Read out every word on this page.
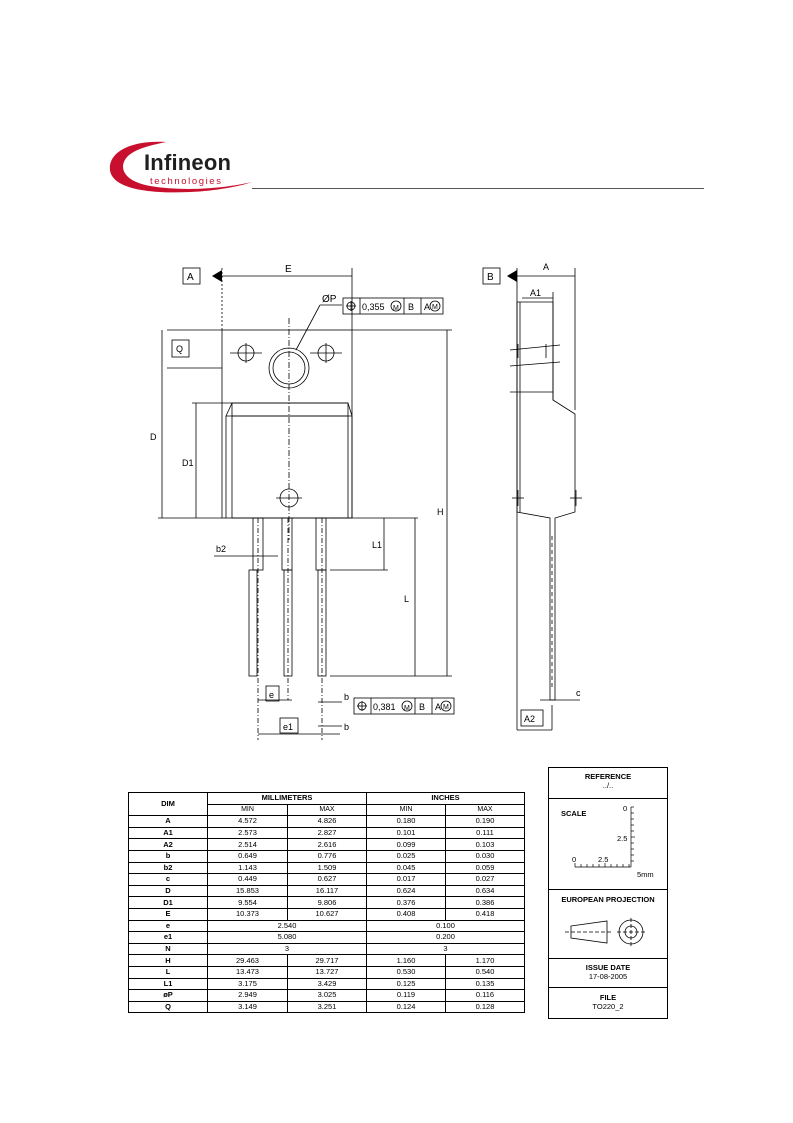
Infineon
technologies
A
E
ØP
0,355 M B A M
Q
D
D1
H
L1
L
b2
e
e1
b
b
0,381 M B A M
B
A
A1
c
A2
DIM	MILLIMETERS		INCHES	
	MIN	MAX	MIN	MAX
A	4.572	4.826	0.180	0.190
A1	2.573	2.827	0.101	0.111
A2	2.514	2.616	0.099	0.103
b	0.649	0.776	0.025	0.030
b2	1.143	1.509	0.045	0.059
c	0.449	0.627	0.017	0.027
D	15.853	16.117	0.624	0.634
D1	9.554	9.806	0.376	0.386
E	10.373	10.627	0.408	0.418
e	2.540		0.100	
e1	5.080		0.200	
N	3		3	
H	29.463	29.717	1.160	1.170
L	13.473	13.727	0.530	0.540
L1	3.175	3.429	0.125	0.135
øP	2.949	3.025	0.119	0.116
Q	3.149	3.251	0.124	0.128
REFERENCE
../..
SCALE
0
2.5
0	2.5
5mm
EUROPEAN PROJECTION
ISSUE DATE
17-08-2005
FILE
TO220_2
